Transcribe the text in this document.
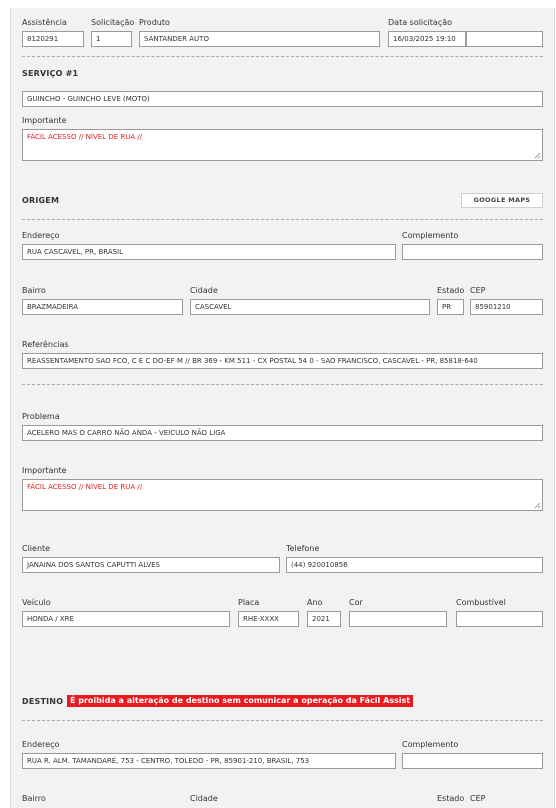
Assistência
8120291
Solicitação
1
Produto
SANTANDER AUTO
Data solicitação
16/03/2025 19:10
SERVIÇO #1
GUINCHO - GUINCHO LEVE (MOTO)
Importante
FÁCIL ACESSO // NÍVEL DE RUA //
ORIGEM	GOOGLE MAPS
Endereço
RUA CASCAVEL, PR, BRASIL
Complemento
Bairro
BRAZMADEIRA
Cidade
CASCAVEL
Estado
PR
CEP
85901210
Referências
REASSENTAMENTO SAO FCO, C E C DO-EF M // BR 369 - KM 511 - CX POSTAL 54 0 - SAO FRANCISCO, CASCAVEL - PR, 85818-640
Problema
ACELERO MAS O CARRO NÃO ANDA - VEICULO NÃO LIGA
Importante
FÁCIL ACESSO // NÍVEL DE RUA //
Cliente
JANAINA DOS SANTOS CAPUTTI ALVES
Telefone
(44) 920010856
Veículo
HONDA / XRE
Placa
RHE-XXXX
Ano
2021
Cor	Combustível
DESTINO É proibida a alteração de destino sem comunicar a operação da Fácil Assist
Endereço
RUA R. ALM. TAMANDARÉ, 753 - CENTRO, TOLEDO - PR, 85901-210, BRASIL, 753
Complemento
Bairro	Cidade	Estado CEP
